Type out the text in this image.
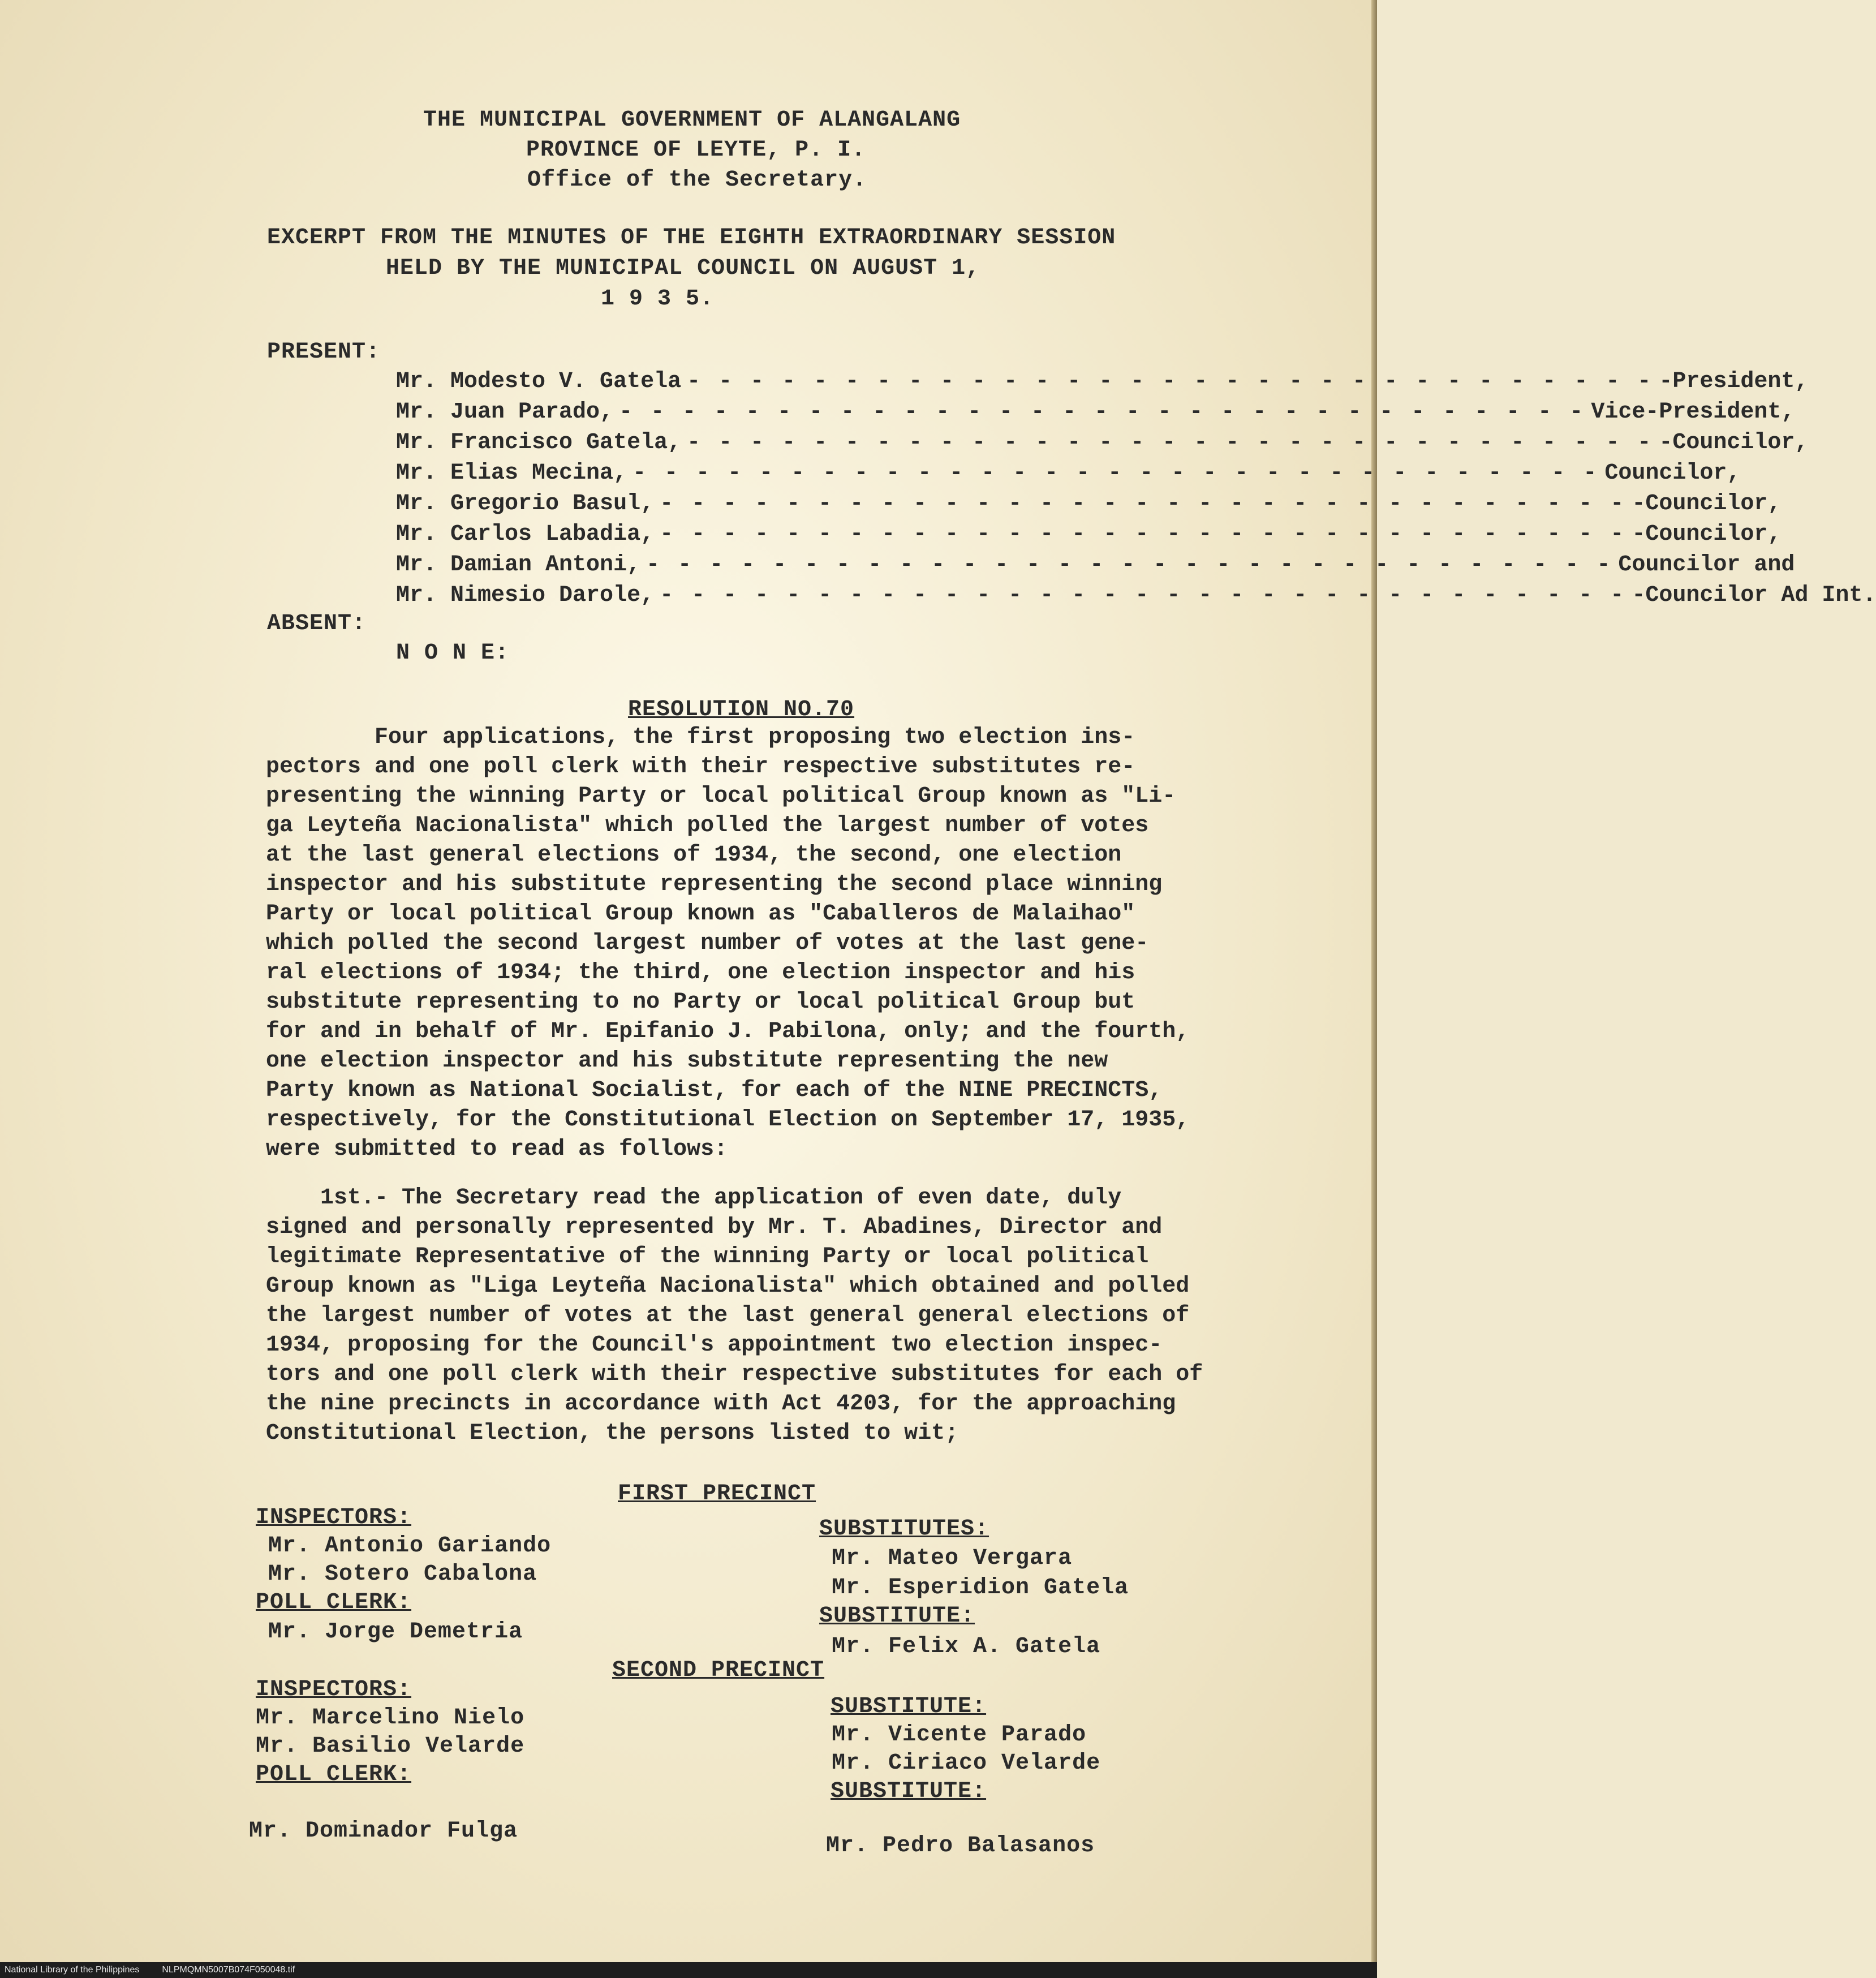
THE MUNICIPAL GOVERNMENT OF ALANGALANG
PROVINCE OF LEYTE, P. I.
Office of the Secretary.
EXCERPT FROM THE MINUTES OF THE EIGHTH EXTRAORDINARY SESSION
HELD BY THE MUNICIPAL COUNCIL ON AUGUST 1,
1 9 3 5.
PRESENT:
Mr. Modesto V. Gatela - - - - - - - - - - - - - - - - - - - - - - - - - - - - - - - -President,
Mr. Juan Parado, - - - - - - - - - - - - - - - - - - - - - - - - - - - - - - - Vice-President,
Mr. Francisco Gatela, - - - - - - - - - - - - - - - - - - - - - - - - - - - - - - - -Councilor,
Mr. Elias Mecina, - - - - - - - - - - - - - - - - - - - - - - - - - - - - - - - Councilor,
Mr. Gregorio Basul, - - - - - - - - - - - - - - - - - - - - - - - - - - - - - - - -Councilor,
Mr. Carlos Labadia, - - - - - - - - - - - - - - - - - - - - - - - - - - - - - - - -Councilor,
Mr. Damian Antoni, - - - - - - - - - - - - - - - - - - - - - - - - - - - - - - - Councilor and
Mr. Nimesio Darole, - - - - - - - - - - - - - - - - - - - - - - - - - - - - - - - -Councilor Ad Int.
ABSENT:
N O N E:
RESOLUTION NO.70
Four applications, the first proposing two election ins-
pectors and one poll clerk with their respective substitutes re-
presenting the winning Party or local political Group known as "Li-
ga Leyteña Nacionalista" which polled the largest number of votes
at the last general elections of 1934, the second, one election
inspector and his substitute representing the second place winning
Party or local political Group known as "Caballeros de Malaihao"
which polled the second largest number of votes at the last gene-
ral elections of 1934; the third, one election inspector and his
substitute representing to no Party or local political Group but
for and in behalf of Mr. Epifanio J. Pabilona, only; and the fourth,
one election inspector and his substitute representing the new
Party known as National Socialist, for each of the NINE PRECINCTS,
respectively, for the Constitutional Election on September 17, 1935,
were submitted to read as follows:
1st.- The Secretary read the application of even date, duly
signed and personally represented by Mr. T. Abadines, Director and
legitimate Representative of the winning Party or local political
Group known as "Liga Leyteña Nacionalista" which obtained and polled
the largest number of votes at the last general general elections of
1934, proposing for the Council's appointment two election inspec-
tors and one poll clerk with their respective substitutes for each of
the nine precincts in accordance with Act 4203, for the approaching
Constitutional Election, the persons listed to wit;
FIRST PRECINCT
INSPECTORS:
Mr. Antonio Gariando
Mr. Sotero Cabalona
POLL CLERK:
Mr. Jorge Demetria
SUBSTITUTES:
Mr. Mateo Vergara
Mr. Esperidion Gatela
SUBSTITUTE:
Mr. Felix A. Gatela
SECOND PRECINCT
INSPECTORS:
Mr. Marcelino Nielo
Mr. Basilio Velarde
POLL CLERK:
Mr. Dominador Fulga
SUBSTITUTE:
Mr. Vicente Parado
Mr. Ciriaco Velarde
SUBSTITUTE:
Mr. Pedro Balasanos
National Library of the Philippines	NLPMQMN5007B074F050048.tif
